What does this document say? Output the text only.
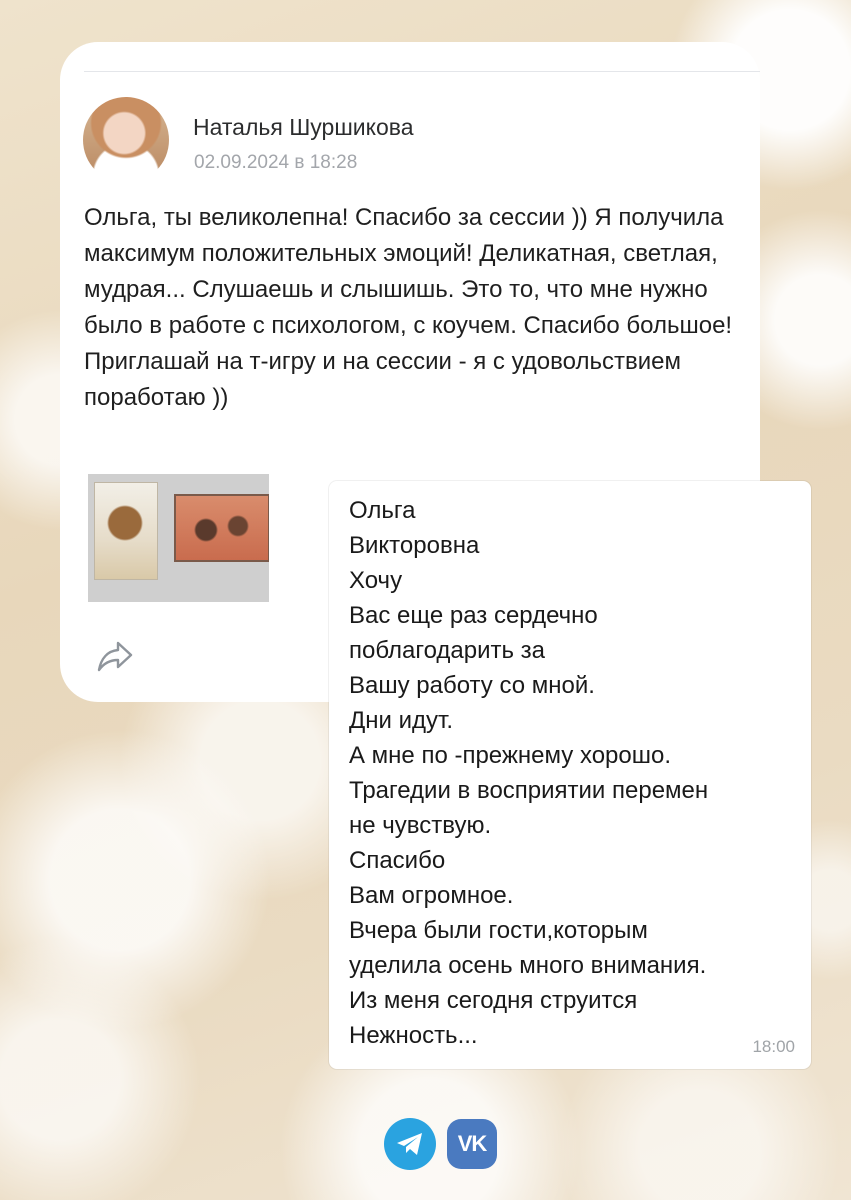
Наталья Шуршикова
02.09.2024 в 18:28

Ольга, ты великолепна! Спасибо за сессии )) Я получила максимум положительных эмоций! Деликатная, светлая, мудрая... Слушаешь и слышишь. Это то, что мне нужно было в работе с психологом, с коучем. Спасибо большое! Приглашай на т-игру и на сессии - я с удовольствием поработаю ))

Ольга
Викторовна
Хочу
Вас еще раз сердечно
поблагодарить за
Вашу работу со мной.
Дни идут.
А мне по -прежнему хорошо.
Трагедии в восприятии перемен
не чувствую.
Спасибо
Вам огромное.
Вчера были гости,которым
уделила осень много внимания.
Из меня сегодня струится
Нежность...	18:00
VK
